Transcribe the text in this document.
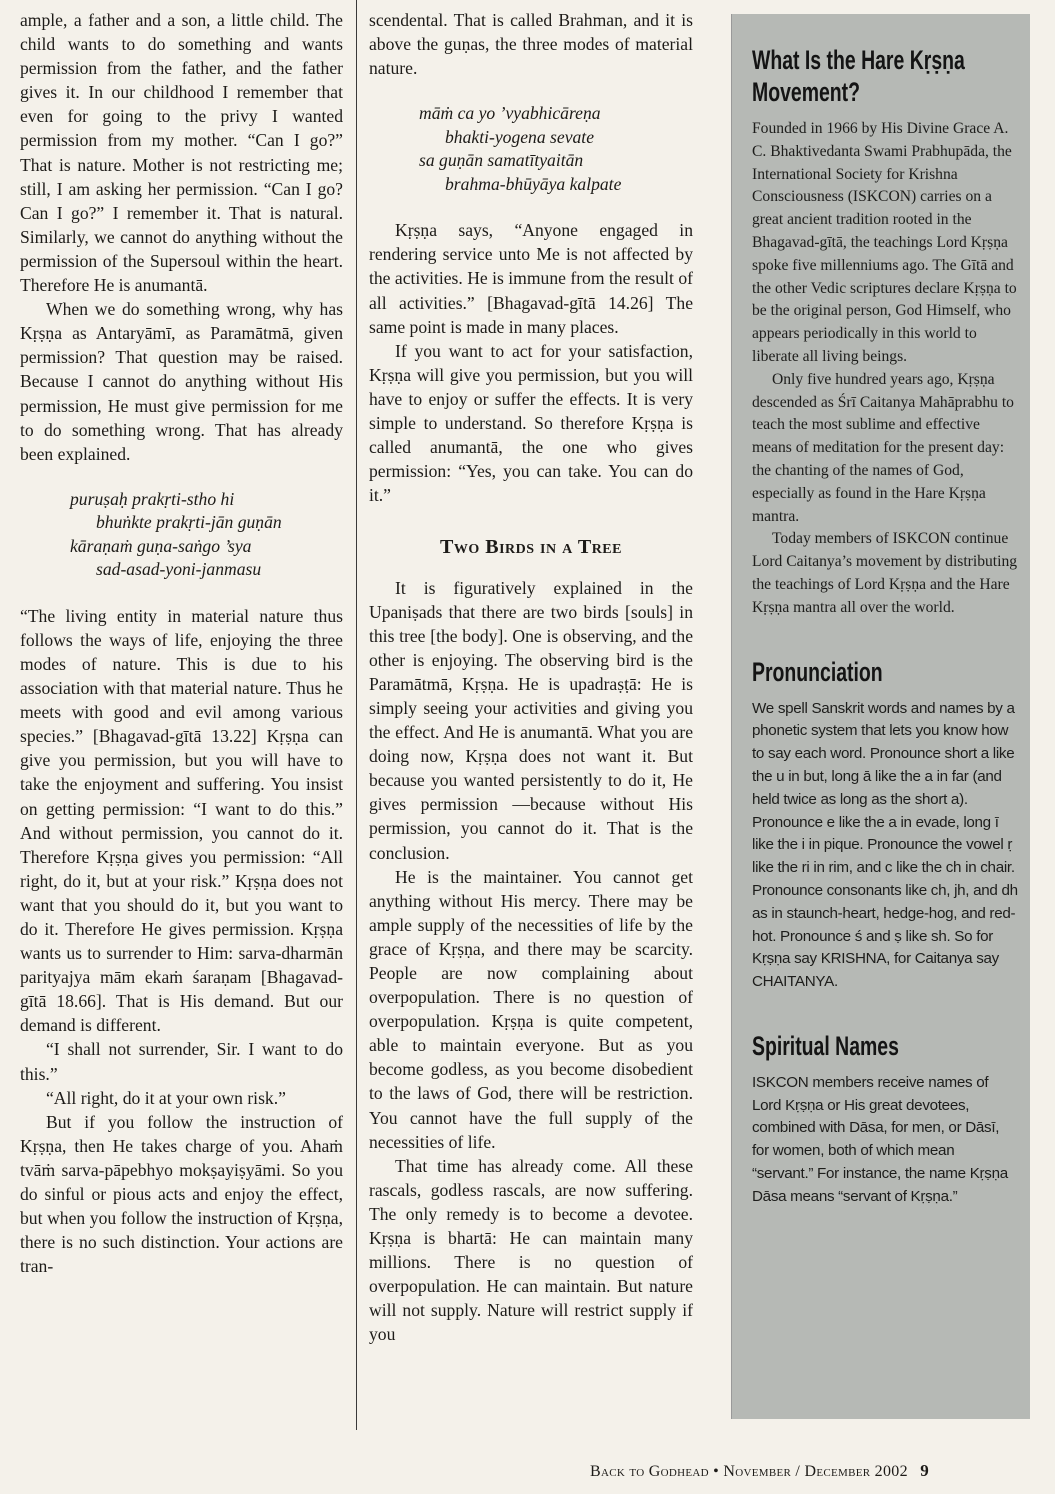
ample, a father and a son, a little child. The child wants to do something and wants permission from the father, and the father gives it. In our childhood I remember that even for going to the privy I wanted permission from my mother. “Can I go?” That is nature. Mother is not restricting me; still, I am asking her permission. “Can I go? Can I go?” I remember it. That is natural. Similarly, we cannot do anything without the permission of the Supersoul within the heart. Therefore He is anumantā.

When we do something wrong, why has Kṛṣṇa as Antaryāmī, as Paramātmā, given permission? That question may be raised. Because I cannot do anything without His permission, He must give permission for me to do something wrong. That has already been explained.

puruṣaḥ prakṛti-stho hi
bhuṅkte prakṛti-jān guṇān
kāraṇaṁ guṇa-saṅgo ’sya
sad-asad-yoni-janmasu

“The living entity in material nature thus follows the ways of life, enjoying the three modes of nature. This is due to his association with that material nature. Thus he meets with good and evil among various species.” [Bhagavad-gītā 13.22] Kṛṣṇa can give you permission, but you will have to take the enjoyment and suffering. You insist on getting permission: “I want to do this.” And without permission, you cannot do it. Therefore Kṛṣṇa gives you permission: “All right, do it, but at your risk.” Kṛṣṇa does not want that you should do it, but you want to do it. Therefore He gives permission. Kṛṣṇa wants us to surrender to Him: sarva-dharmān parityajya mām ekaṁ śaraṇam [Bhagavad-gītā 18.66]. That is His demand. But our demand is different.

“I shall not surrender, Sir. I want to do this.”

“All right, do it at your own risk.”

But if you follow the instruction of Kṛṣṇa, then He takes charge of you. Ahaṁ tvāṁ sarva-pāpebhyo mokṣayiṣyāmi. So you do sinful or pious acts and enjoy the effect, but when you follow the instruction of Kṛṣṇa, there is no such distinction. Your actions are tran-

scendental. That is called Brahman, and it is above the guṇas, the three modes of material nature.

māṁ ca yo ’vyabhicāreṇa
bhakti-yogena sevate
sa guṇān samatītyaitān
brahma-bhūyāya kalpate

Kṛṣṇa says, “Anyone engaged in rendering service unto Me is not affected by the activities. He is immune from the result of all activities.” [Bhagavad-gītā 14.26] The same point is made in many places.

If you want to act for your satisfaction, Kṛṣṇa will give you permission, but you will have to enjoy or suffer the effects. It is very simple to understand. So therefore Kṛṣṇa is called anumantā, the one who gives permission: “Yes, you can take. You can do it.”

Two Birds in a Tree

It is figuratively explained in the Upaniṣads that there are two birds [souls] in this tree [the body]. One is observing, and the other is enjoying. The observing bird is the Paramātmā, Kṛṣṇa. He is upadraṣṭā: He is simply seeing your activities and giving you the effect. And He is anumantā. What you are doing now, Kṛṣṇa does not want it. But because you wanted persistently to do it, He gives permission —because without His permission, you cannot do it. That is the conclusion.

He is the maintainer. You cannot get anything without His mercy. There may be ample supply of the necessities of life by the grace of Kṛṣṇa, and there may be scarcity. People are now complaining about overpopulation. There is no question of overpopulation. Kṛṣṇa is quite competent, able to maintain everyone. But as you become godless, as you become disobedient to the laws of God, there will be restriction. You cannot have the full supply of the necessities of life.

That time has already come. All these rascals, godless rascals, are now suffering. The only remedy is to become a devotee. Kṛṣṇa is bhartā: He can maintain many millions. There is no question of overpopulation. He can maintain. But nature will not supply. Nature will restrict supply if you

What Is the Hare Kṛṣṇa Movement?

Founded in 1966 by His Divine Grace A. C. Bhaktivedanta Swami Prabhupāda, the International Society for Krishna Consciousness (ISKCON) carries on a great ancient tradition rooted in the Bhagavad-gītā, the teachings Lord Kṛṣṇa spoke five millenniums ago. The Gītā and the other Vedic scriptures declare Kṛṣṇa to be the original person, God Himself, who appears periodically in this world to liberate all living beings.

Only five hundred years ago, Kṛṣṇa descended as Śrī Caitanya Mahāprabhu to teach the most sublime and effective means of meditation for the present day: the chanting of the names of God, especially as found in the Hare Kṛṣṇa mantra.

Today members of ISKCON continue Lord Caitanya’s movement by distributing the teachings of Lord Kṛṣṇa and the Hare Kṛṣṇa mantra all over the world.

Pronunciation

We spell Sanskrit words and names by a phonetic system that lets you know how to say each word. Pronounce short a like the u in but, long ā like the a in far (and held twice as long as the short a). Pronounce e like the a in evade, long ī like the i in pique. Pronounce the vowel ṛ like the ri in rim, and c like the ch in chair. Pronounce consonants like ch, jh, and dh as in staunch-heart, hedge-hog, and red-hot. Pronounce ś and ṣ like sh. So for Kṛṣṇa say KRISHNA, for Caitanya say CHAITANYA.

Spiritual Names

ISKCON members receive names of Lord Kṛṣṇa or His great devotees, combined with Dāsa, for men, or Dāsī, for women, both of which mean “servant.” For instance, the name Kṛṣṇa Dāsa means “servant of Kṛṣṇa.”

Back to Godhead • November / December 2002 9
